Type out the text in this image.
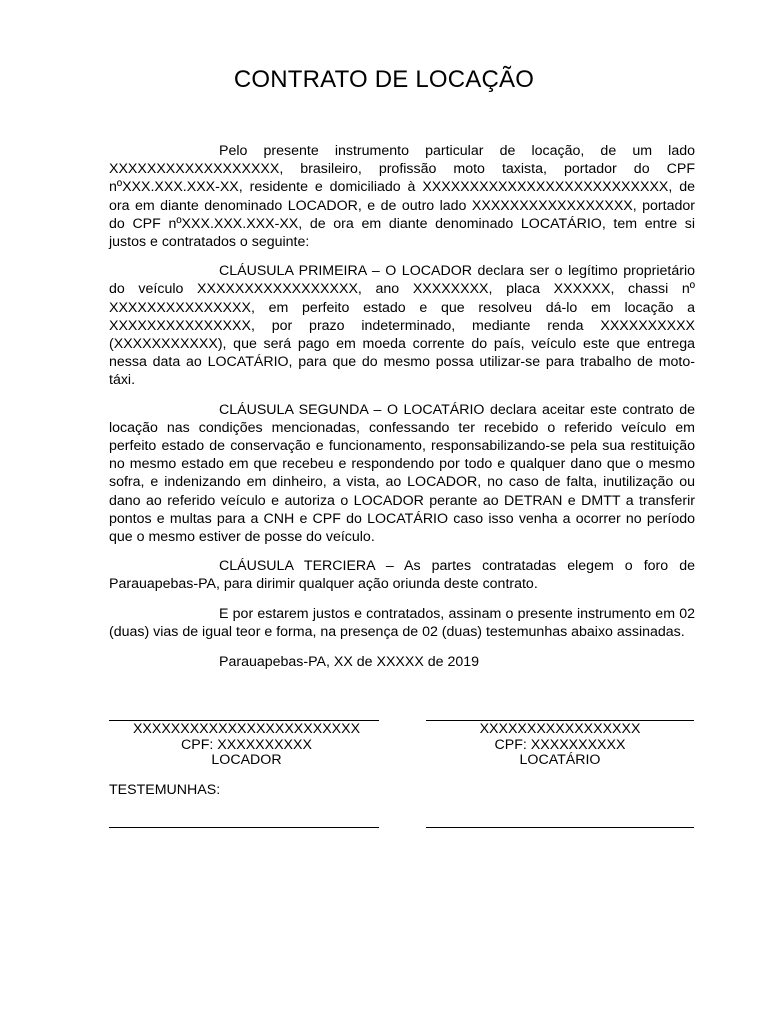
CONTRATO DE LOCAÇÃO

Pelo presente instrumento particular de locação, de um lado XXXXXXXXXXXXXXXXXX, brasileiro, profissão moto taxista, portador do CPF nºXXX.XXX.XXX-XX, residente e domiciliado à XXXXXXXXXXXXXXXXXXXXXXXXXX, de ora em diante denominado LOCADOR, e de outro lado XXXXXXXXXXXXXXXXX, portador do CPF nºXXX.XXX.XXX-XX, de ora em diante denominado LOCATÁRIO, tem entre si justos e contratados o seguinte:

CLÁUSULA PRIMEIRA – O LOCADOR declara ser o legítimo proprietário do veículo XXXXXXXXXXXXXXXXX, ano XXXXXXXX, placa XXXXXX, chassi nº XXXXXXXXXXXXXXX, em perfeito estado e que resolveu dá-lo em locação a XXXXXXXXXXXXXXX, por prazo indeterminado, mediante renda XXXXXXXXXX (XXXXXXXXXXX), que será pago em moeda corrente do país, veículo este que entrega nessa data ao LOCATÁRIO, para que do mesmo possa utilizar-se para trabalho de moto-táxi.

CLÁUSULA SEGUNDA – O LOCATÁRIO declara aceitar este contrato de locação nas condições mencionadas, confessando ter recebido o referido veículo em perfeito estado de conservação e funcionamento, responsabilizando-se pela sua restituição no mesmo estado em que recebeu e respondendo por todo e qualquer dano que o mesmo sofra, e indenizando em dinheiro, a vista, ao LOCADOR, no caso de falta, inutilização ou dano ao referido veículo e autoriza o LOCADOR perante ao DETRAN e DMTT a transferir pontos e multas para a CNH e CPF do LOCATÁRIO caso isso venha a ocorrer no período que o mesmo estiver de posse do veículo.

CLÁUSULA TERCIERA – As partes contratadas elegem o foro de Parauapebas-PA, para dirimir qualquer ação oriunda deste contrato.

E por estarem justos e contratados, assinam o presente instrumento em 02 (duas) vias de igual teor e forma, na presença de 02 (duas) testemunhas abaixo assinadas.

Parauapebas-PA, XX de XXXXX de 2019

XXXXXXXXXXXXXXXXXXXXXXXX
CPF: XXXXXXXXXX
LOCADOR
XXXXXXXXXXXXXXXXX
CPF: XXXXXXXXXX
LOCATÁRIO
TESTEMUNHAS:
